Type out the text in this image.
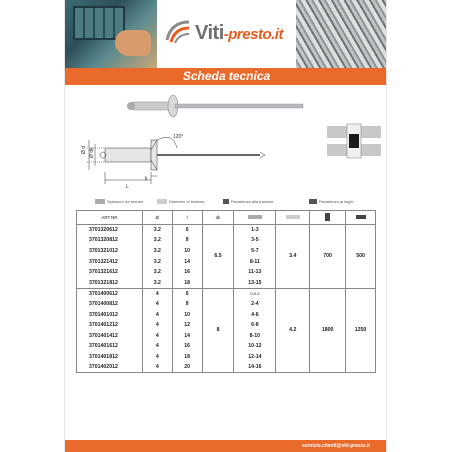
Viti-presto.it
Scheda tecnica
Ø d Ø dk
k
L
120°
Spessore da serrare	Diametro di foratura	Resistenza alla trazione	Resistenza al taglio
ART.NR	Ø	l	dk				
3701320612	3.2	6	6.5	1-3	3.4	700	500
3701320812	3.2	8		3-5			
3701321012	3.2	10		5-7			
3701321412	3.2	14		8-11			
3701321612	3.2	16		11-13			
3701321812	3.2	18		13-15			
3701400612	4	6	8	0,5-3	4.2	1800	1250
3701400812	4	8		2-4			
3701401012	4	10		4-6			
3701401212	4	12		6-8			
3701401412	4	14		8-10			
3701401612	4	16		10-12			
3701401812	4	18		12-14			
3701402012	4	20		14-16			
servizio.clienti@viti-presto.it
